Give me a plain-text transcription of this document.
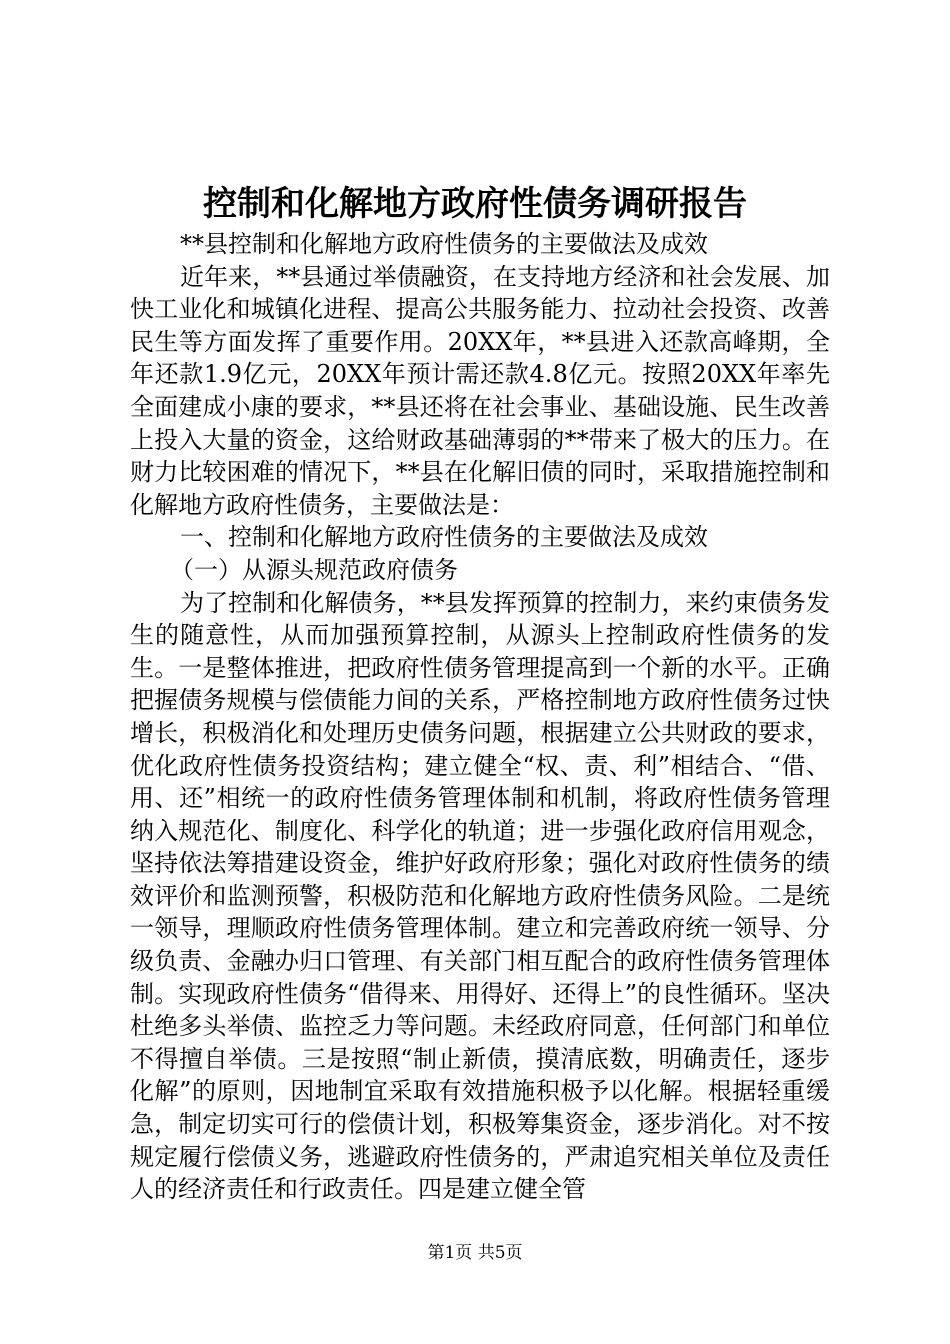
控制和化解地方政府性债务调研报告

**县控制和化解地方政府性债务的主要做法及成效

近年来，**县通过举债融资，在支持地方经济和社会发展、加快工业化和城镇化进程、提高公共服务能力、拉动社会投资、改善民生等方面发挥了重要作用。20XX年，**县进入还款高峰期，全年还款1.9亿元，20XX年预计需还款4.8亿元。按照20XX年率先全面建成小康的要求，**县还将在社会事业、基础设施、民生改善上投入大量的资金，这给财政基础薄弱的**带来了极大的压力。在财力比较困难的情况下，**县在化解旧债的同时，采取措施控制和化解地方政府性债务，主要做法是：

一、控制和化解地方政府性债务的主要做法及成效

（一）从源头规范政府债务

为了控制和化解债务，**县发挥预算的控制力，来约束债务发生的随意性，从而加强预算控制，从源头上控制政府性债务的发生。一是整体推进，把政府性债务管理提高到一个新的水平。正确把握债务规模与偿债能力间的关系，严格控制地方政府性债务过快增长，积极消化和处理历史债务问题，根据建立公共财政的要求，优化政府性债务投资结构；建立健全“权、责、利”相结合、“借、用、还”相统一的政府性债务管理体制和机制，将政府性债务管理纳入规范化、制度化、科学化的轨道；进一步强化政府信用观念，坚持依法筹措建设资金，维护好政府形象；强化对政府性债务的绩效评价和监测预警，积极防范和化解地方政府性债务风险。二是统一领导，理顺政府性债务管理体制。建立和完善政府统一领导、分级负责、金融办归口管理、有关部门相互配合的政府性债务管理体制。实现政府性债务“借得来、用得好、还得上”的良性循环。坚决杜绝多头举债、监控乏力等问题。未经政府同意，任何部门和单位不得擅自举债。三是按照“制止新债，摸清底数，明确责任，逐步化解”的原则，因地制宜采取有效措施积极予以化解。根据轻重缓急，制定切实可行的偿债计划，积极筹集资金，逐步消化。对不按规定履行偿债义务，逃避政府性债务的，严肃追究相关单位及责任人的经济责任和行政责任。四是建立健全管

第1页 共5页
